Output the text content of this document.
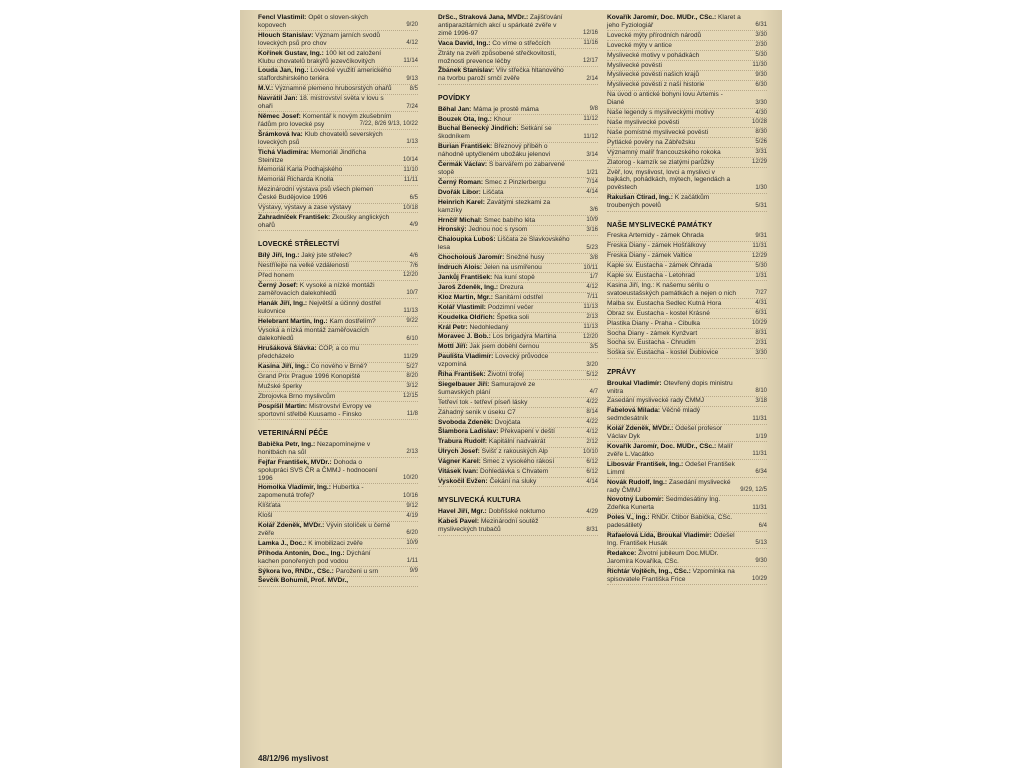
Fencl Vlastimil: Opět o sloven-ských kopovech	9/20
Hlouch Stanislav: Význam jarních svodů loveckých psů pro chov	4/12
Kořínek Gustav, Ing.: 100 let od založení Klubu chovatelů brakýřů jezevčíkovitých	11/14
Louda Jan, Ing.: Lovecké využití amerického staffordshirského teriéra	9/13
M.V.: Významné plemeno hrubosrstých ohařů	8/5
Navrátil Jan: 18. mistrovství světa v lovu s ohaři	7/24
Němec Josef: Komentář k novým zkušebním řádům pro lovecké psy	7/22, 8/26 9/13, 10/22
Šrámková Iva: Klub chovatelů severských loveckých psů	1/13
Tichá Vladimíra: Memoriál Jindřicha Steinitze	10/14
Memoriál Karla Podhajského	11/10
Memoriál Richarda Knolla	11/11
Mezinárodní výstava psů všech plemen České Budějovice 1996	6/5
Výstavy, výstavy a zase výstavy	10/18
Zahradníček František: Zkoušky anglických ohařů	4/9
LOVECKÉ STŘELECTVÍ
Bílý Jiří, Ing.: Jaký jste střelec?	4/6
Nestřílejte na velké vzdálenosti	7/6
Před honem	12/20
Černý Josef: K vysoké a nízké montáži zaměřovacích dalekohledů	10/7
Hanák Jiří, Ing.: Největší a účinný dostřel kulovnice	11/13
Helebrant Martin, Ing.: Kam dostřelím?	9/22
Vysoká a nízká montáž zaměřovacích dalekohledů	6/10
Hrušáková Slávka: COP, a co mu předcházelo	11/29
Kasina Jiří, Ing.: Co nového v Brně?	5/27
Grand Prix Prague 1996 Konopiště	8/20
Mužské šperky	3/12
Zbrojovka Brno myslivcům	12/15
Pospíšil Martin: Mistrovství Evropy ve sportovní střelbě Kuusamo - Finsko	11/8
VETERINÁRNÍ PÉČE
Babička Petr, Ing.: Nezapomínejme v honitbách na sůl	2/13
Fejfar František, MVDr.: Dohoda o spolupráci SVS ČR a ČMMJ - hodnocení 1996	10/20
Homolka Vladimír, Ing.: Hubertka - zapomenutá trofej?	10/16
Klíšťata	9/12
Klošl	4/19
Kolář Zdeněk, MVDr.: Vývin stolíček u černé zvěře	6/20
Lamka J., Doc.: K imobilizaci zvěře	10/9
Příhoda Antonín, Doc., Ing.: Dýchání kachen ponořených pod vodou	1/11
Sýkora Ivo, RNDr., CSc.: Paroženi u srn	9/9
Ševčík Bohumil, Prof. MVDr.,
DrSc., Straková Jana, MVDr.: Zajišťování antiparazitárních akcí u spárkaté zvěře v zimě 1996-97	12/16
Vaca David, Ing.: Co víme o střečcích	11/16
Ztráty na zvěři způsobené střečkovitostí, možnosti prevence léčby	12/17
Žbánek Stanislav: Vliv střečka hltanového na tvorbu paroží srnčí zvěře	2/14
POVÍDKY
Běhal Jan: Máma je prostě máma	9/8
Bouzek Ota, Ing.: Khour	11/12
Buchal Benecký Jindřich: Setkání se škodníkem	11/12
Burian František: Březnový příběh o náhodně uptyčleném ubožáku jelenovi	3/14
Čermák Václav: S barvářem po zabarvené stopě	1/21
Černý Roman: Smec z Pinzlerbergu	7/14
Dvořák Libor: Liščata	4/14
Heinrich Karel: Zavátými stezkami za kamzíky	3/6
Hrnčíř Michal: Smec babího léta	10/9
Hronský: Jednou noc s rysom	3/16
Chaloupka Luboš: Liščata ze Slavkovského lesa	5/23
Chocholouš Jaromír: Snežné husy	3/8
Indruch Alois: Jelen na usmířenou	10/11
Jankůj František: Na kuní stopě	1/7
Jaroš Zdeněk, Ing.: Drezura	4/12
Kloz Martin, Mgr.: Sanitární odstřel	7/11
Kolář Vlastimil: Podzimní večer	11/13
Koudelka Oldřich: Špetka soli	2/13
Král Petr: Nedohledaný	11/13
Moravec J. Bob.: Los brigadýra Martina	12/20
Mottl Jiří: Jak jsem doběhl černou	3/5
Paulišta Vladimír: Lovecký průvodce vzpomíná	3/20
Říha František: Životní trofej	5/12
Siegelbauer Jiří: Samurajové ze šumavských plání	4/7
Tetřeví tok - tetřeví píseň lásky	4/22
Záhadný senik v úseku C7	8/14
Svoboda Zdeněk: Dvojčata	4/22
Šlambora Ladislav: Překvapení v deští	4/12
Trabura Rudolf: Kapitální nadvakrát	2/12
Ulrych Josef: Svišť z rakouských Alp	10/10
Vágner Karel: Smec z vysokého rákosí	6/12
Vitásek Ivan: Dohledávka s Chvatem	6/12
Vyskočil Evžen: Čekání na sluky	4/14
MYSLIVECKÁ KULTURA
Havel Jiří, Mgr.: Dobřišské noktumo	4/29
Kabeš Pavel: Mezinárodní soutěž mysliveckých trubačů	8/31
Kovařík Jaromír, Doc. MUDr., CSc.: Klaret a jeho Fyziologiář	6/31
Lovecké mýty přírodních národů	3/30
Lovecké mýty v antice	2/30
Myslivecké motivy v pohádkách	5/30
Myslivecké pověsti	11/30
Myslivecké pověsti našich krajů	9/30
Myslivecké pověsti z naší historie	6/30
Na úvod o antické bohyni lovu Artemis - Diané	3/30
Naše legendy s mysliveckými motivy	4/30
Naše myslivecké pověsti	10/28
Naše pomístné myslivecké pověsti	8/30
Pytlácké pověry na Zábřežsku	5/26
Významný malíř francouzského rokoka	3/31
Zlatorog - kamzík se zlatými parůžky	12/29
Zvěř, lov, myslivost, lovci a myslivci v bajkách, pohádkách, mýtech, legendách a pověstech	1/30
Rakušan Ctirad, Ing.: K začátkům troubených povelů	5/31
NAŠE MYSLIVECKÉ PAMÁTKY
Freska Artemidy - zámek Ohrada	9/31
Freska Diany - zámek Hošťálkovy	11/31
Freska Diany - zámek Valtice	12/29
Kaple sv. Eustacha - zámek Ohrada	5/30
Kaple sv. Eustacha - Letohrad	1/31
Kasina Jiří, Ing.: K našemu sérilu o svatoeustašských památkách a nejen o nich	7/27
Malba sv. Eustacha Sedlec Kutná Hora	4/31
Obraz sv. Eustacha - kostel Krásné	6/31
Plastika Diany - Praha - Cibulka	10/29
Socha Diany - zámek Kynžvart	8/31
Socha sv. Eustacha - Chrudim	2/31
Soška sv. Eustacha - kostel Dublovice	3/30
ZPRÁVY
Broukal Vladimír: Otevřený dopis ministru vnitra	8/10
Zasedání myslivecké rady ČMMJ	3/18
Fabelová Milada: Věčně mladý sedmdesátník	11/31
Kolář Zdeněk, MVDr.: Odešel profesor Václav Dyk	1/19
Kovařík Jaromír, Doc. MUDr., CSc.: Malíř zvěře L.Vacátko	11/31
Libosvár František, Ing.: Odešel František Limml	6/34
Novák Rudolf, Ing.: Zasedání myslivecké rady ČMMJ	9/29, 12/5
Novotný Lubomír: Sedmdesátiny Ing. Zdeňka Kunerta	11/31
Poles V., Ing.: RNDr. Ctibor Babička, CSc. padesátiletý	6/4
Rafaelová Lída, Broukal Vladimír: Odešel Ing. František Husák	5/13
Redakce: Životní jubileum Doc.MUDr. Jaromíra Kovaříka, CSc.	9/30
Richtár Vojtěch, Ing., CSc.: Vzpomínka na spisovatele Františka Frice	10/29
48/12/96 myslivost
